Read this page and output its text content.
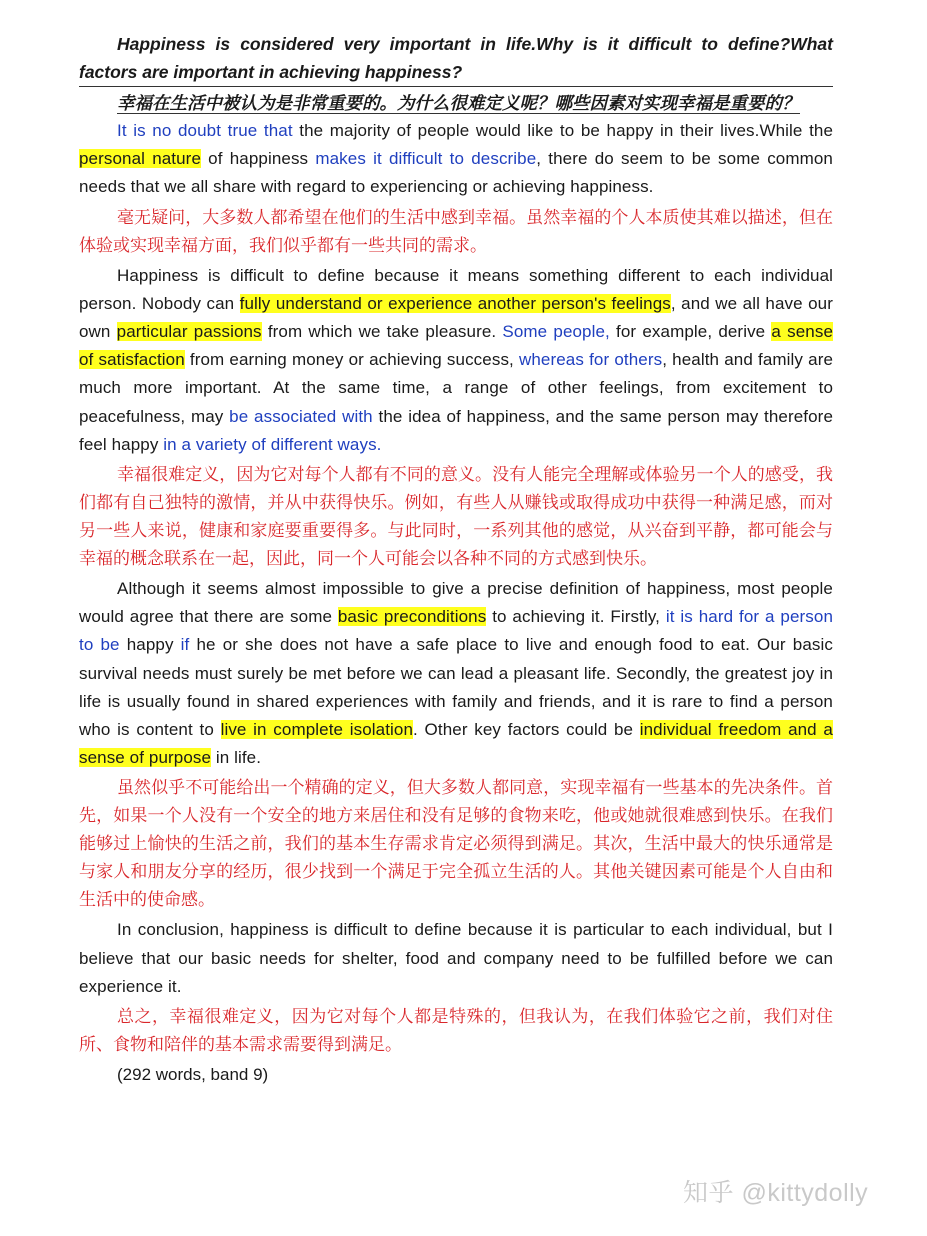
Happiness is considered very important in life.Why is it difficult to define?What factors are important in achieving happiness?

幸福在生活中被认为是非常重要的。为什么很难定义呢？哪些因素对实现幸福是重要的？

It is no doubt true that the majority of people would like to be happy in their lives.While the personal nature of happiness makes it difficult to describe, there do seem to be some common needs that we all share with regard to experiencing or achieving happiness.

毫无疑问，大多数人都希望在他们的生活中感到幸福。虽然幸福的个人本质使其难以描述，但在体验或实现幸福方面，我们似乎都有一些共同的需求。

Happiness is difficult to define because it means something different to each individual person. Nobody can fully understand or experience another person's feelings, and we all have our own particular passions from which we take pleasure. Some people, for example, derive a sense of satisfaction from earning money or achieving success, whereas for others, health and family are much more important. At the same time, a range of other feelings, from excitement to peacefulness, may be associated with the idea of happiness, and the same person may therefore feel happy in a variety of different ways.

幸福很难定义，因为它对每个人都有不同的意义。没有人能完全理解或体验另一个人的感受，我们都有自己独特的激情，并从中获得快乐。例如，有些人从赚钱或取得成功中获得一种满足感，而对另一些人来说，健康和家庭要重要得多。与此同时，一系列其他的感觉，从兴奋到平静，都可能会与幸福的概念联系在一起，因此，同一个人可能会以各种不同的方式感到快乐。

Although it seems almost impossible to give a precise definition of happiness, most people would agree that there are some basic preconditions to achieving it. Firstly, it is hard for a person to be happy if he or she does not have a safe place to live and enough food to eat. Our basic survival needs must surely be met before we can lead a pleasant life. Secondly, the greatest joy in life is usually found in shared experiences with family and friends, and it is rare to find a person who is content to live in complete isolation. Other key factors could be individual freedom and a sense of purpose in life.

虽然似乎不可能给出一个精确的定义，但大多数人都同意，实现幸福有一些基本的先决条件。首先，如果一个人没有一个安全的地方来居住和没有足够的食物来吃，他或她就很难感到快乐。在我们能够过上愉快的生活之前，我们的基本生存需求肯定必须得到满足。其次，生活中最大的快乐通常是与家人和朋友分享的经历，很少找到一个满足于完全孤立生活的人。其他关键因素可能是个人自由和生活中的使命感。

In conclusion, happiness is difficult to define because it is particular to each individual, but I believe that our basic needs for shelter, food and company need to be fulfilled before we can experience it.

总之，幸福很难定义，因为它对每个人都是特殊的，但我认为，在我们体验它之前，我们对住所、食物和陪伴的基本需求需要得到满足。

(292 words, band 9)

知乎 @kittydolly
